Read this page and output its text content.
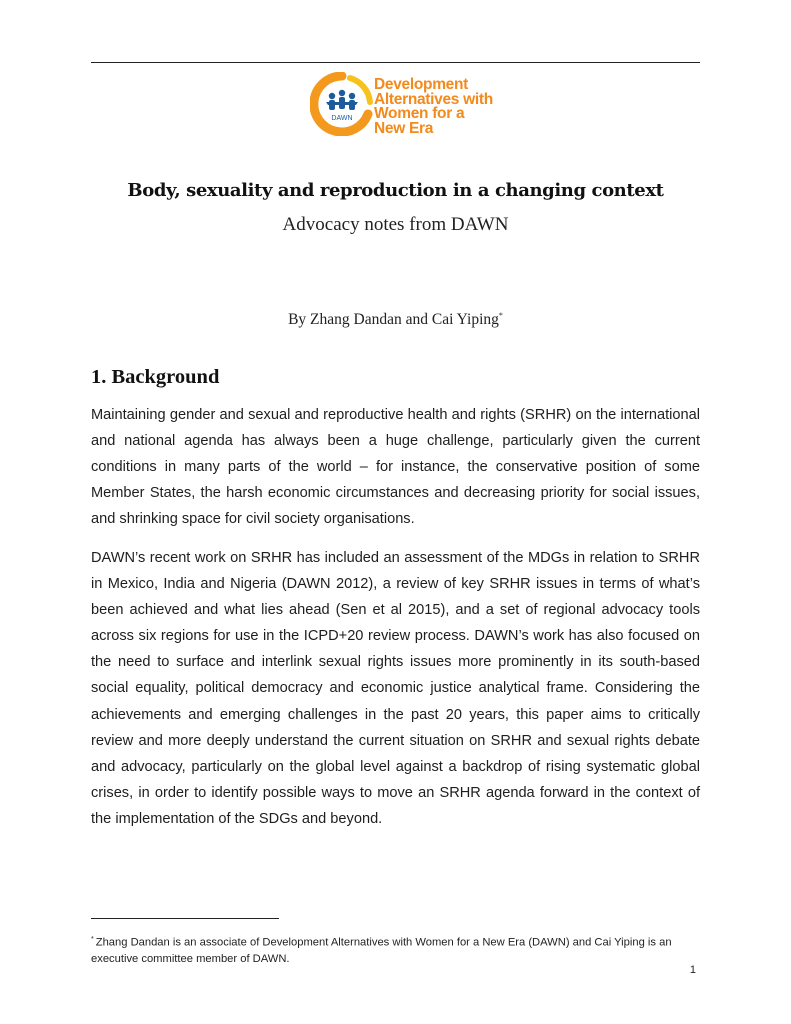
DAWN
Development
Alternatives with
Women for a
New Era
Body, sexuality and reproduction in a changing context
Advocacy notes from DAWN
By Zhang Dandan and Cai Yiping*
1. Background

Maintaining gender and sexual and reproductive health and rights (SRHR) on the international and national agenda has always been a huge challenge, particularly given the current conditions in many parts of the world – for instance, the conservative position of some Member States, the harsh economic circumstances and decreasing priority for social issues, and shrinking space for civil society organisations.

DAWN’s recent work on SRHR has included an assessment of the MDGs in relation to SRHR in Mexico, India and Nigeria (DAWN 2012), a review of key SRHR issues in terms of what’s been achieved and what lies ahead (Sen et al 2015), and a set of regional advocacy tools across six regions for use in the ICPD+20 review process. DAWN’s work has also focused on the need to surface and interlink sexual rights issues more prominently in its south-based social equality, political democracy and economic justice analytical frame. Considering the achievements and emerging challenges in the past 20 years, this paper aims to critically review and more deeply understand the current situation on SRHR and sexual rights debate and advocacy, particularly on the global level against a backdrop of rising systematic global crises, in order to identify possible ways to move an SRHR agenda forward in the context of the implementation of the SDGs and beyond.

* Zhang Dandan is an associate of Development Alternatives with Women for a New Era (DAWN) and Cai Yiping is an executive committee member of DAWN.
1
